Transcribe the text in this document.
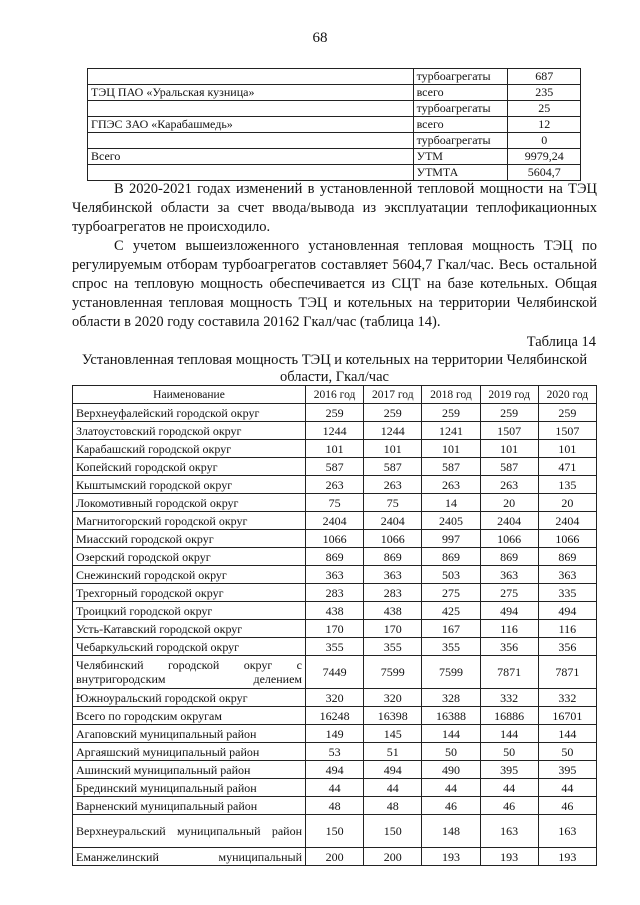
68
	турбоагрегаты	687
ТЭЦ ПАО «Уральская кузница»	всего	235
	турбоагрегаты	25
ГПЭС ЗАО «Карабашмедь»	всего	12
	турбоагрегаты	0
Всего	УТМ	9979,24
	УТМТА	5604,7

В 2020-2021 годах изменений в установленной тепловой мощности на ТЭЦ Челябинской области за счет ввода/вывода из эксплуатации теплофикационных турбоагрегатов не происходило.

С учетом вышеизложенного установленная тепловая мощность ТЭЦ по регулируемым отборам турбоагрегатов составляет 5604,7 Гкал/час. Весь остальной спрос на тепловую мощность обеспечивается из СЦТ на базе котельных. Общая установленная тепловая мощность ТЭЦ и котельных на территории Челябинской области в 2020 году составила 20162 Гкал/час (таблица 14).

Таблица 14

Установленная тепловая мощность ТЭЦ и котельных на территории Челябинской области, Гкал/час

Наименование	2016 год	2017 год	2018 год	2019 год	2020 год
Верхнеуфалейский городской округ	259	259	259	259	259
Златоустовский городской округ	1244	1244	1241	1507	1507
Карабашский городской округ	101	101	101	101	101
Копейский городской округ	587	587	587	587	471
Кыштымский городской округ	263	263	263	263	135
Локомотивный городской округ	75	75	14	20	20
Магнитогорский городской округ	2404	2404	2405	2404	2404
Миасский городской округ	1066	1066	997	1066	1066
Озерский городской округ	869	869	869	869	869
Снежинский городской округ	363	363	503	363	363
Трехгорный городской округ	283	283	275	275	335
Троицкий городской округ	438	438	425	494	494
Усть-Катавский городской округ	170	170	167	116	116
Чебаркульский городской округ	355	355	355	356	356
Челябинский городской округ с внутригородским делением	7449	7599	7599	7871	7871
Южноуральский городской округ	320	320	328	332	332
Всего по городским округам	16248	16398	16388	16886	16701
Агаповский муниципальный район	149	145	144	144	144
Аргаяшский муниципальный район	53	51	50	50	50
Ашинский муниципальный район	494	494	490	395	395
Брединский муниципальный район	44	44	44	44	44
Варненский муниципальный район	48	48	46	46	46
Верхнеуральский муниципальный район	150	150	148	163	163
Еманжелинский муниципальный	200	200	193	193	193
